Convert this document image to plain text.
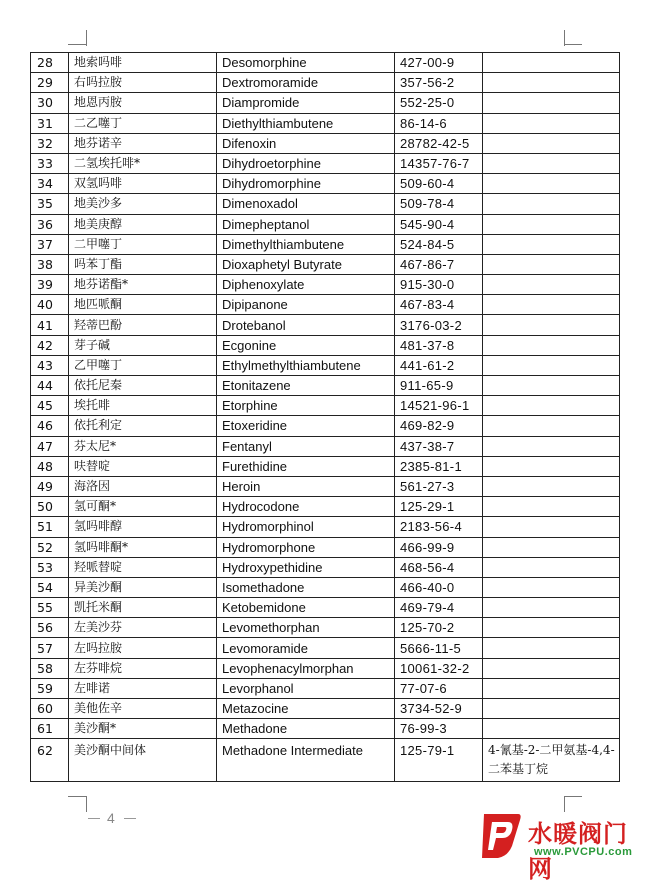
28	地索吗啡	Desomorphine	427-00-9	
29	右吗拉胺	Dextromoramide	357-56-2	
30	地恩丙胺	Diampromide	552-25-0	
31	二乙噻丁	Diethylthiambutene	86-14-6	
32	地芬诺辛	Difenoxin	28782-42-5	
33	二氢埃托啡*	Dihydroetorphine	14357-76-7	
34	双氢吗啡	Dihydromorphine	509-60-4	
35	地美沙多	Dimenoxadol	509-78-4	
36	地美庚醇	Dimepheptanol	545-90-4	
37	二甲噻丁	Dimethylthiambutene	524-84-5	
38	吗苯丁酯	Dioxaphetyl Butyrate	467-86-7	
39	地芬诺酯*	Diphenoxylate	915-30-0	
40	地匹哌酮	Dipipanone	467-83-4	
41	羟蒂巴酚	Drotebanol	3176-03-2	
42	芽子碱	Ecgonine	481-37-8	
43	乙甲噻丁	Ethylmethylthiambutene	441-61-2	
44	依托尼秦	Etonitazene	911-65-9	
45	埃托啡	Etorphine	14521-96-1	
46	依托利定	Etoxeridine	469-82-9	
47	芬太尼*	Fentanyl	437-38-7	
48	呋替啶	Furethidine	2385-81-1	
49	海洛因	Heroin	561-27-3	
50	氢可酮*	Hydrocodone	125-29-1	
51	氢吗啡醇	Hydromorphinol	2183-56-4	
52	氢吗啡酮*	Hydromorphone	466-99-9	
53	羟哌替啶	Hydroxypethidine	468-56-4	
54	异美沙酮	Isomethadone	466-40-0	
55	凯托米酮	Ketobemidone	469-79-4	
56	左美沙芬	Levomethorphan	125-70-2	
57	左吗拉胺	Levomoramide	5666-11-5	
58	左芬啡烷	Levophenacylmorphan	10061-32-2	
59	左啡诺	Levorphanol	77-07-6	
60	美他佐辛	Metazocine	3734-52-9	
61	美沙酮*	Methadone	76-99-3	
62	美沙酮中间体	Methadone Intermediate	125-79-1	4-氰基-2-二甲氨基-4,4-二苯基丁烷
4
P 水暖阀门网
www.PVCPU.com
